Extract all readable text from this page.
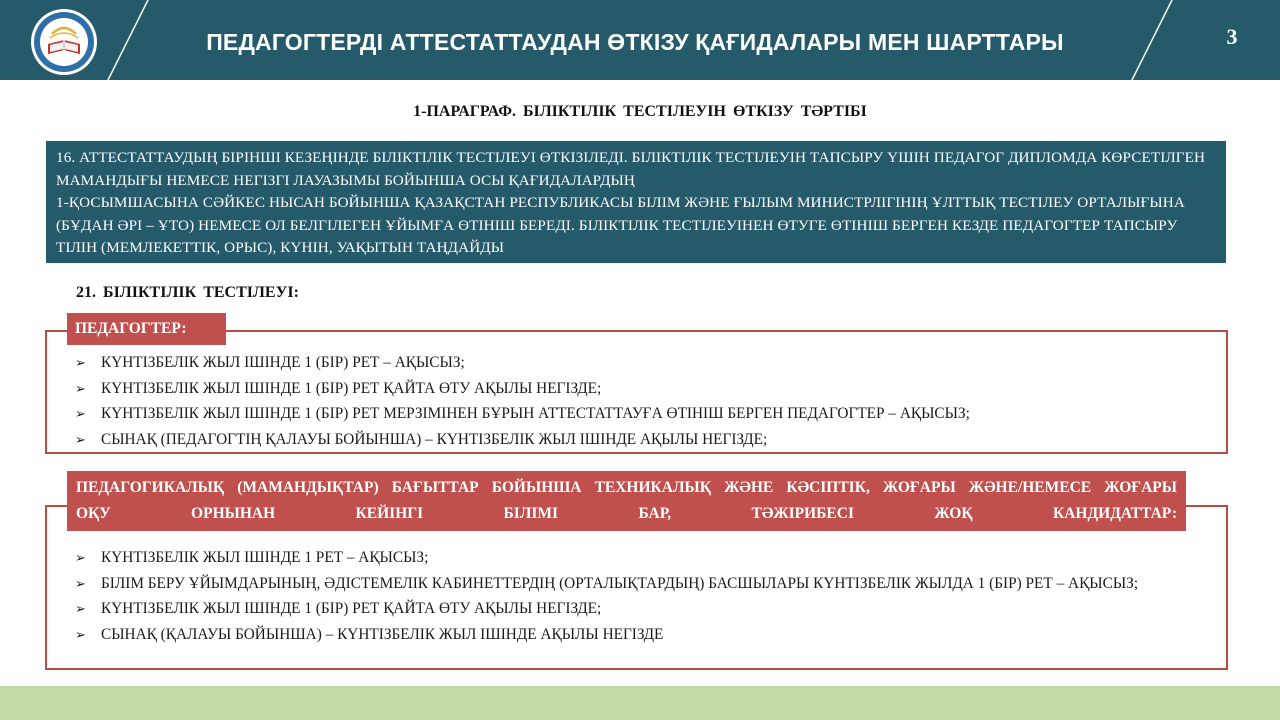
ПЕДАГОГТЕРДІ АТТЕСТАТТАУДАН ӨТКІЗУ ҚАҒИДАЛАРЫ МЕН ШАРТТАРЫ	3
1-ПАРАГРАФ. БІЛІКТІЛІК ТЕСТІЛЕУІН ӨТКІЗУ ТӘРТІБІ

16. АТТЕСТАТТАУДЫҢ БІРІНШІ КЕЗЕҢІНДЕ БІЛІКТІЛІК ТЕСТІЛЕУІ ӨТКІЗІЛЕДІ. БІЛІКТІЛІК ТЕСТІЛЕУІН ТАПСЫРУ ҮШІН ПЕДАГОГ ДИПЛОМДА КӨРСЕТІЛГЕН МАМАНДЫҒЫ НЕМЕСЕ НЕГІЗГІ ЛАУАЗЫМЫ БОЙЫНША ОСЫ ҚАҒИДАЛАРДЫҢ

1-ҚОСЫМШАСЫНА СӘЙКЕС НЫСАН БОЙЫНША ҚАЗАҚСТАН РЕСПУБЛИКАСЫ БІЛІМ ЖӘНЕ ҒЫЛЫМ МИНИСТРЛІГІНІҢ ҰЛТТЫҚ ТЕСТІЛЕУ ОРТАЛЫҒЫНА (БҰДАН ӘРІ – ҰТО) НЕМЕСЕ ОЛ БЕЛГІЛЕГЕН ҰЙЫМҒА ӨТІНІШ БЕРЕДІ. БІЛІКТІЛІК ТЕСТІЛЕУІНЕН ӨТУГЕ ӨТІНІШ БЕРГЕН КЕЗДЕ ПЕДАГОГТЕР ТАПСЫРУ ТІЛІН (МЕМЛЕКЕТТІК, ОРЫС), КҮНІН, УАҚЫТЫН ТАҢДАЙДЫ

21. БІЛІКТІЛІК ТЕСТІЛЕУІ:
➢ КҮНТІЗБЕЛІК ЖЫЛ ІШІНДЕ 1 (БІР) РЕТ – АҚЫСЫЗ;
➢ КҮНТІЗБЕЛІК ЖЫЛ ІШІНДЕ 1 (БІР) РЕТ ҚАЙТА ӨТУ АҚЫЛЫ НЕГІЗДЕ;
➢ КҮНТІЗБЕЛІК ЖЫЛ ІШІНДЕ 1 (БІР) РЕТ МЕРЗІМІНЕН БҰРЫН АТТЕСТАТТАУҒА ӨТІНІШ БЕРГЕН ПЕДАГОГТЕР – АҚЫСЫЗ;
➢ СЫНАҚ (ПЕДАГОГТІҢ ҚАЛАУЫ БОЙЫНША) – КҮНТІЗБЕЛІК ЖЫЛ ІШІНДЕ АҚЫЛЫ НЕГІЗДЕ;
ПЕДАГОГТЕР:
➢ КҮНТІЗБЕЛІК ЖЫЛ ІШІНДЕ 1 РЕТ – АҚЫСЫЗ;
➢ БІЛІМ БЕРУ ҰЙЫМДАРЫНЫҢ, ӘДІСТЕМЕЛІК КАБИНЕТТЕРДІҢ (ОРТАЛЫҚТАРДЫҢ) БАСШЫЛАРЫ КҮНТІЗБЕЛІК ЖЫЛДА 1 (БІР) РЕТ – АҚЫСЫЗ;
➢ КҮНТІЗБЕЛІК ЖЫЛ ІШІНДЕ 1 (БІР) РЕТ ҚАЙТА ӨТУ АҚЫЛЫ НЕГІЗДЕ;
➢ СЫНАҚ (ҚАЛАУЫ БОЙЫНША) – КҮНТІЗБЕЛІК ЖЫЛ ІШІНДЕ АҚЫЛЫ НЕГІЗДЕ
ПЕДАГОГИКАЛЫҚ (МАМАНДЫҚТАР) БАҒЫТТАР БОЙЫНША ТЕХНИКАЛЫҚ ЖӘНЕ КӘСІПТІК, ЖОҒАРЫ ЖӘНЕ/НЕМЕСЕ ЖОҒАРЫ ОҚУ ОРНЫНАН КЕЙІНГІ БІЛІМІ БАР, ТӘЖІРИБЕСІ ЖОҚ КАНДИДАТТАР:
